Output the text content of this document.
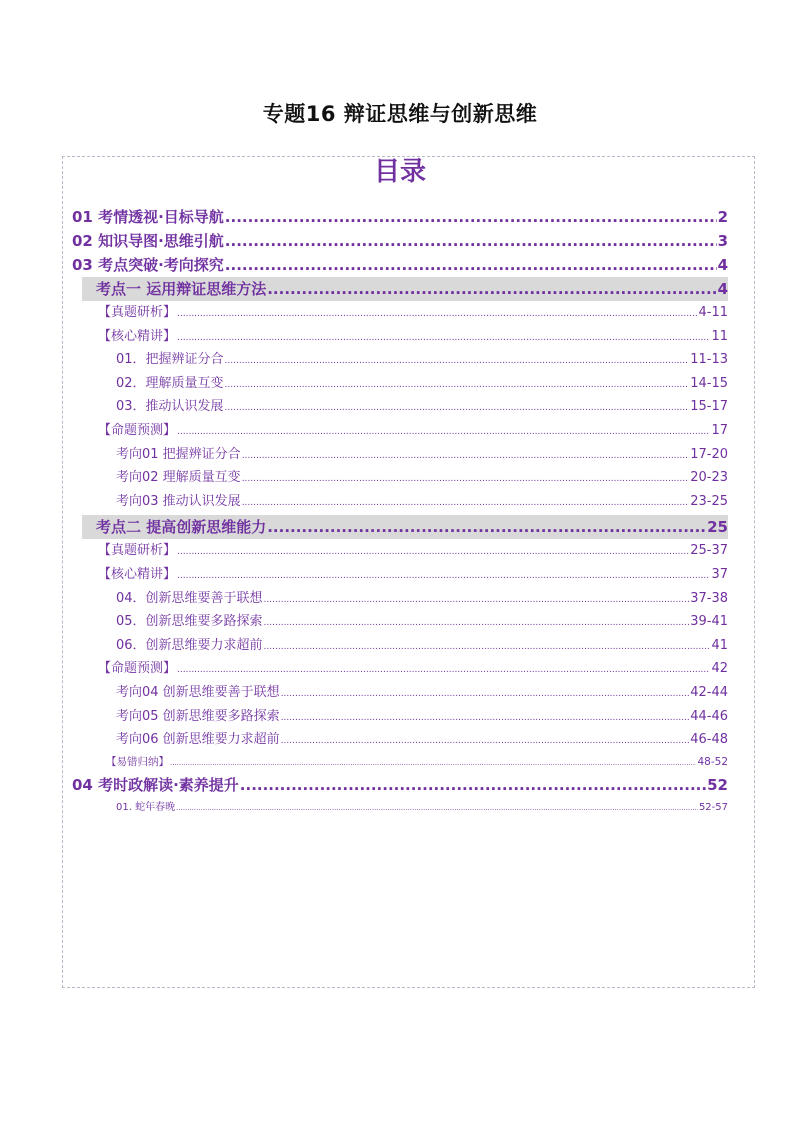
专题16 辩证思维与创新思维
目录
01 考情透视·目标导航 .....	2
02 知识导图·思维引航 .....	3
03 考点突破·考向探究 .....	4
考点一 运用辩证思维方法 .....	4
【真题研析】 .....	4-11
【核心精讲】 .....	11
01．把握辨证分合 .....	11-13
02．理解质量互变 .....	14-15
03．推动认识发展 .....	15-17
【命题预测】 .....	17
考向01 把握辨证分合 .....	17-20
考向02 理解质量互变 .....	20-23
考向03 推动认识发展 .....	23-25
考点二 提高创新思维能力 .....	25
【真题研析】 .....	25-37
【核心精讲】 .....	37
04．创新思维要善于联想 .....	37-38
05．创新思维要多路探索 .....	39-41
06．创新思维要力求超前 .....	41
【命题预测】 .....	42
考向04 创新思维要善于联想 .....	42-44
考向05 创新思维要多路探索 .....	44-46
考向06 创新思维要力求超前 .....	46-48
【易错归纳】 .....	48-52
04 考时政解读·素养提升 .....	52
01. 蛇年春晚 .....	52-57
